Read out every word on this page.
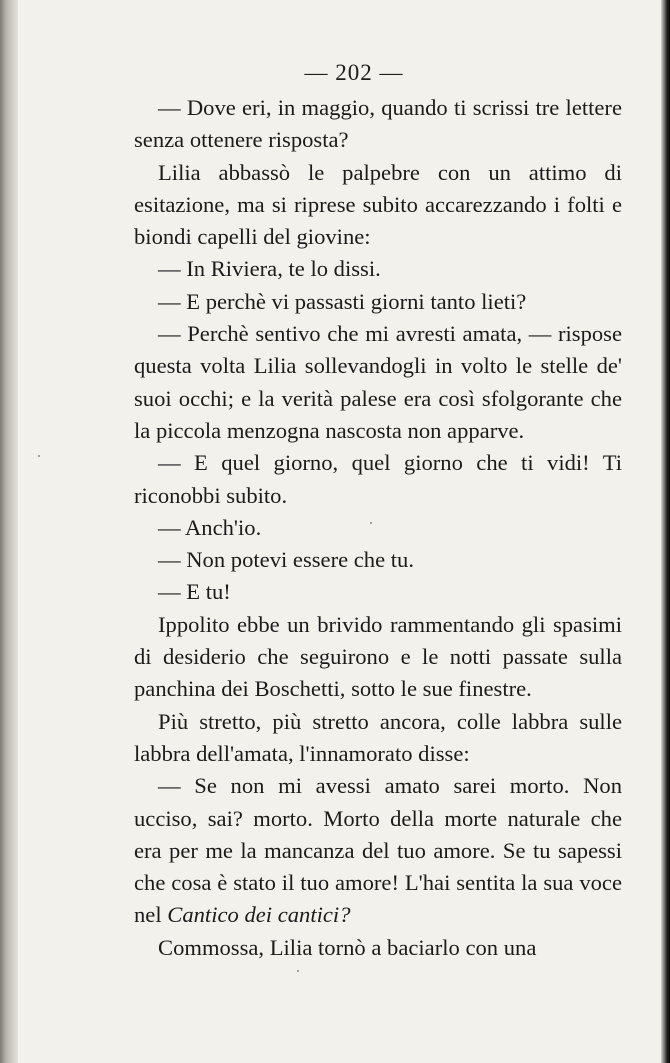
— 202 —

— Dove eri, in maggio, quando ti scrissi tre lettere senza ottenere risposta?

Lilia abbassò le palpebre con un attimo di esitazione, ma si riprese subito accarezzando i folti e biondi capelli del giovine:

— In Riviera, te lo dissi.

— E perchè vi passasti giorni tanto lieti?

— Perchè sentivo che mi avresti amata, — rispose questa volta Lilia sollevandogli in volto le stelle de' suoi occhi; e la verità palese era così sfolgorante che la piccola menzogna nascosta non apparve.

— E quel giorno, quel giorno che ti vidi! Ti riconobbi subito.

— Anch'io.

— Non potevi essere che tu.

— E tu!

Ippolito ebbe un brivido rammentando gli spasimi di desiderio che seguirono e le notti passate sulla panchina dei Boschetti, sotto le sue finestre.

Più stretto, più stretto ancora, colle labbra sulle labbra dell'amata, l'innamorato disse:

— Se non mi avessi amato sarei morto. Non ucciso, sai? morto. Morto della morte naturale che era per me la mancanza del tuo amore. Se tu sapessi che cosa è stato il tuo amore! L'hai sentita la sua voce nel Cantico dei cantici?

Commossa, Lilia tornò a baciarlo con una
